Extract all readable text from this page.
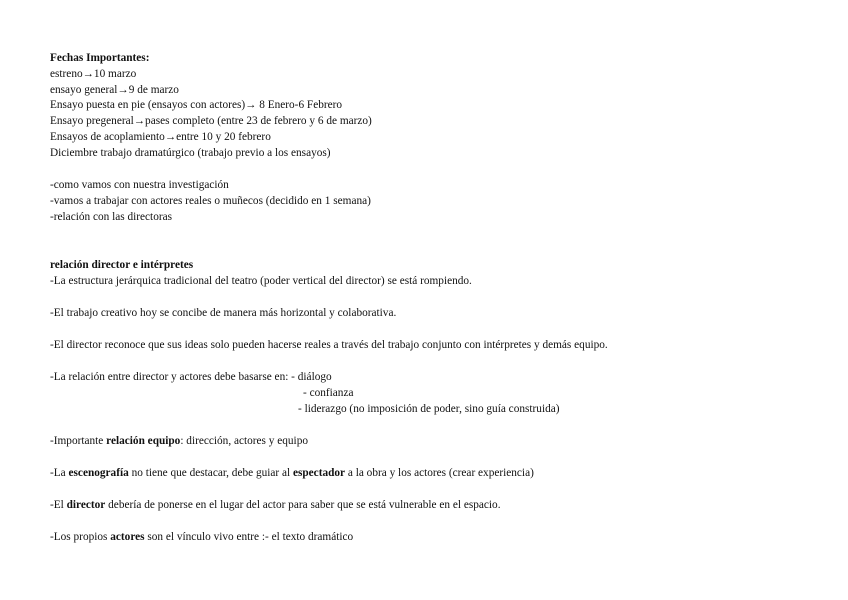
Fechas Importantes:
estreno→10 marzo
ensayo general→9 de marzo
Ensayo puesta en pie (ensayos con actores)→ 8 Enero-6 Febrero
Ensayo pregeneral→pases completo (entre 23 de febrero y 6 de marzo)
Ensayos de acoplamiento→entre 10 y 20 febrero
Diciembre trabajo dramatúrgico (trabajo previo a los ensayos)
-como vamos con nuestra investigación
-vamos a trabajar con actores reales o muñecos (decidido en 1 semana)
-relación con las directoras
relación director e intérpretes
-La estructura jerárquica tradicional del teatro (poder vertical del director) se está rompiendo.
-El trabajo creativo hoy se concibe de manera más horizontal y colaborativa.
-El director reconoce que sus ideas solo pueden hacerse reales a través del trabajo conjunto con intérpretes y demás equipo.
-La relación entre director y actores debe basarse en: - diálogo
- confianza
- liderazgo (no imposición de poder, sino guía construida)
-Importante relación equipo: dirección, actores y equipo
-La escenografía no tiene que destacar, debe guiar al espectador a la obra y los actores (crear experiencia)
-El director debería de ponerse en el lugar del actor para saber que se está vulnerable en el espacio.
-Los propios actores son el vínculo vivo entre :- el texto dramático
